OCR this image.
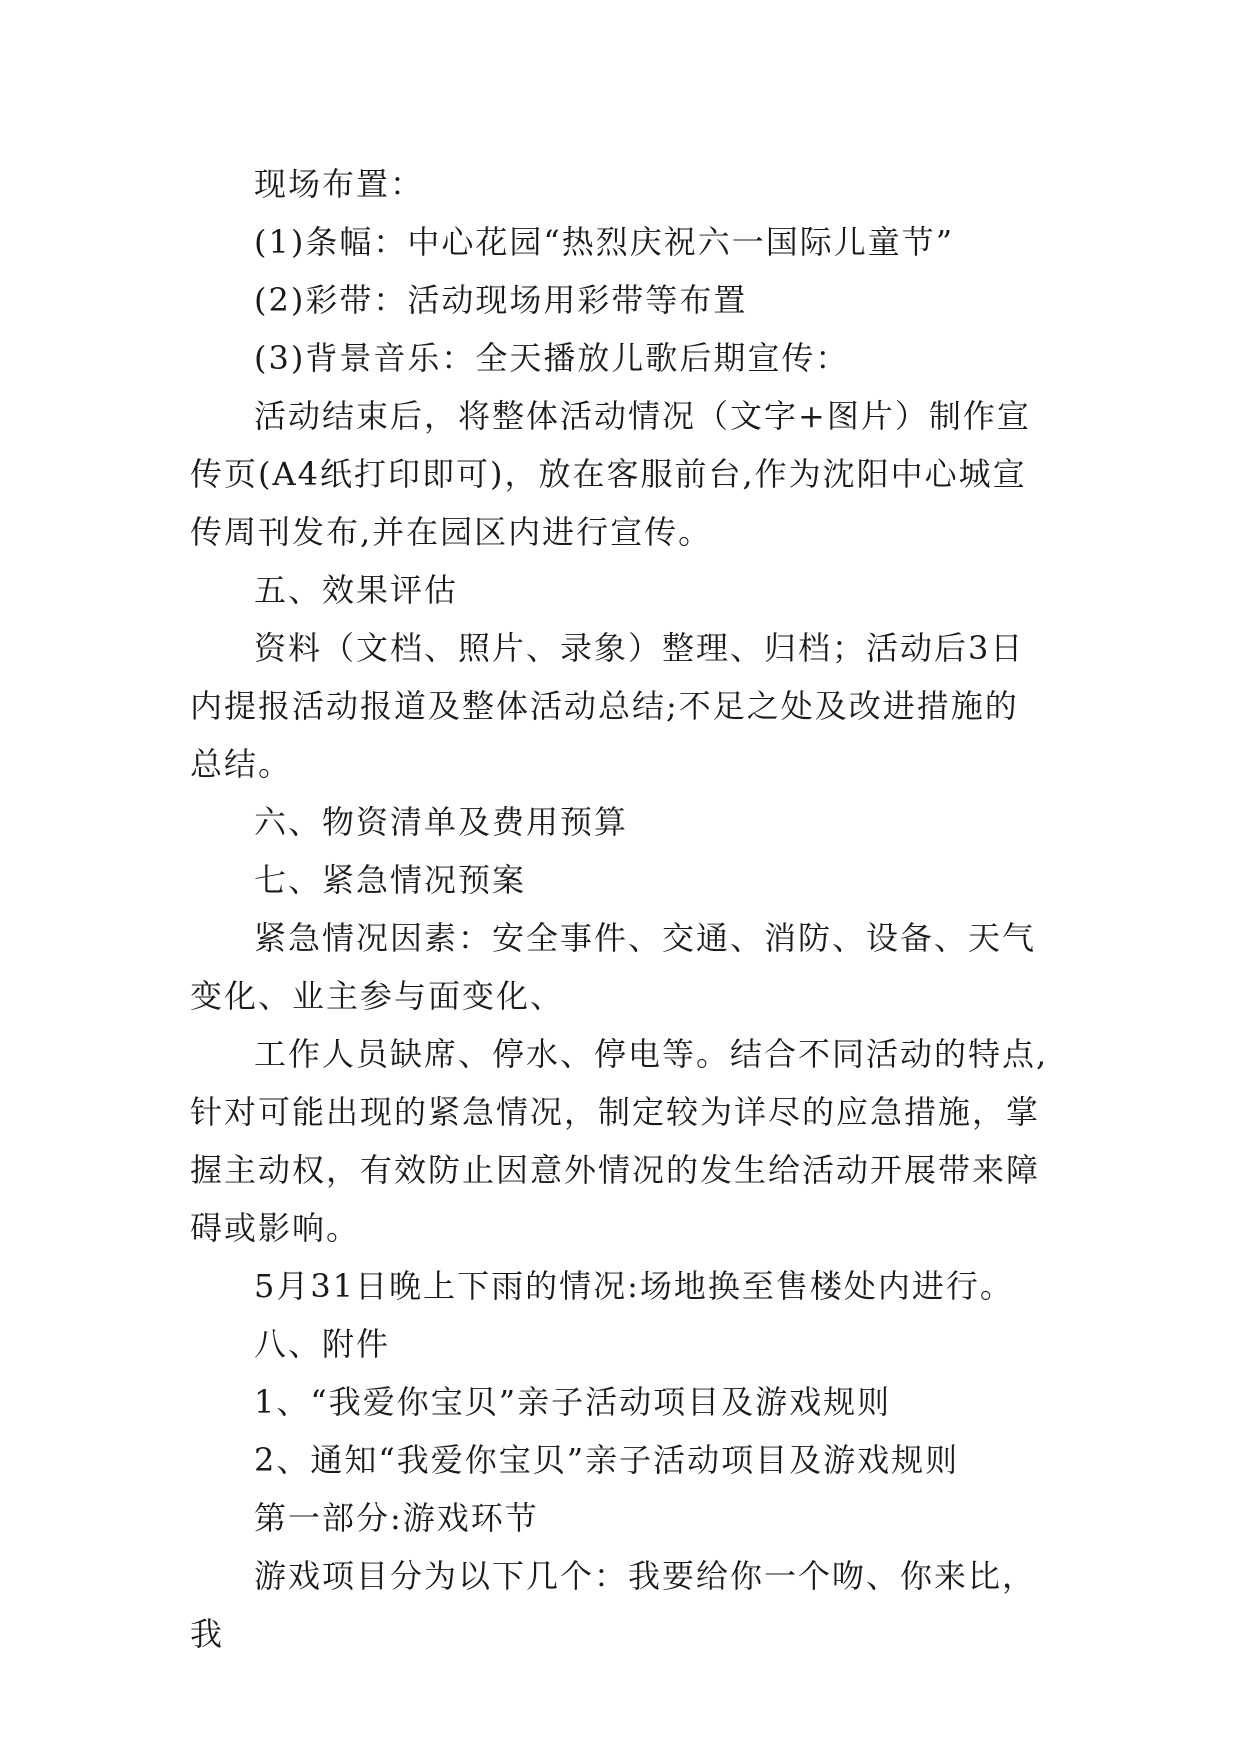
现场布置：

(1)条幅：中心花园“热烈庆祝六一国际儿童节”

(2)彩带：活动现场用彩带等布置

(3)背景音乐：全天播放儿歌后期宣传：

活动结束后，将整体活动情况（文字+图片）制作宣传页(A4纸打印即可)，放在客服前台,作为沈阳中心城宣传周刊发布,并在园区内进行宣传。

五、效果评估

资料（文档、照片、录象）整理、归档；活动后3日内提报活动报道及整体活动总结;不足之处及改进措施的总结。

六、物资清单及费用预算

七、紧急情况预案

紧急情况因素：安全事件、交通、消防、设备、天气变化、业主参与面变化、

工作人员缺席、停水、停电等。结合不同活动的特点,针对可能出现的紧急情况，制定较为详尽的应急措施，掌握主动权，有效防止因意外情况的发生给活动开展带来障碍或影响。

5月31日晚上下雨的情况:场地换至售楼处内进行。

八、附件

1、“我爱你宝贝”亲子活动项目及游戏规则

2、通知“我爱你宝贝”亲子活动项目及游戏规则

第一部分:游戏环节

游戏项目分为以下几个：我要给你一个吻、你来比，我
